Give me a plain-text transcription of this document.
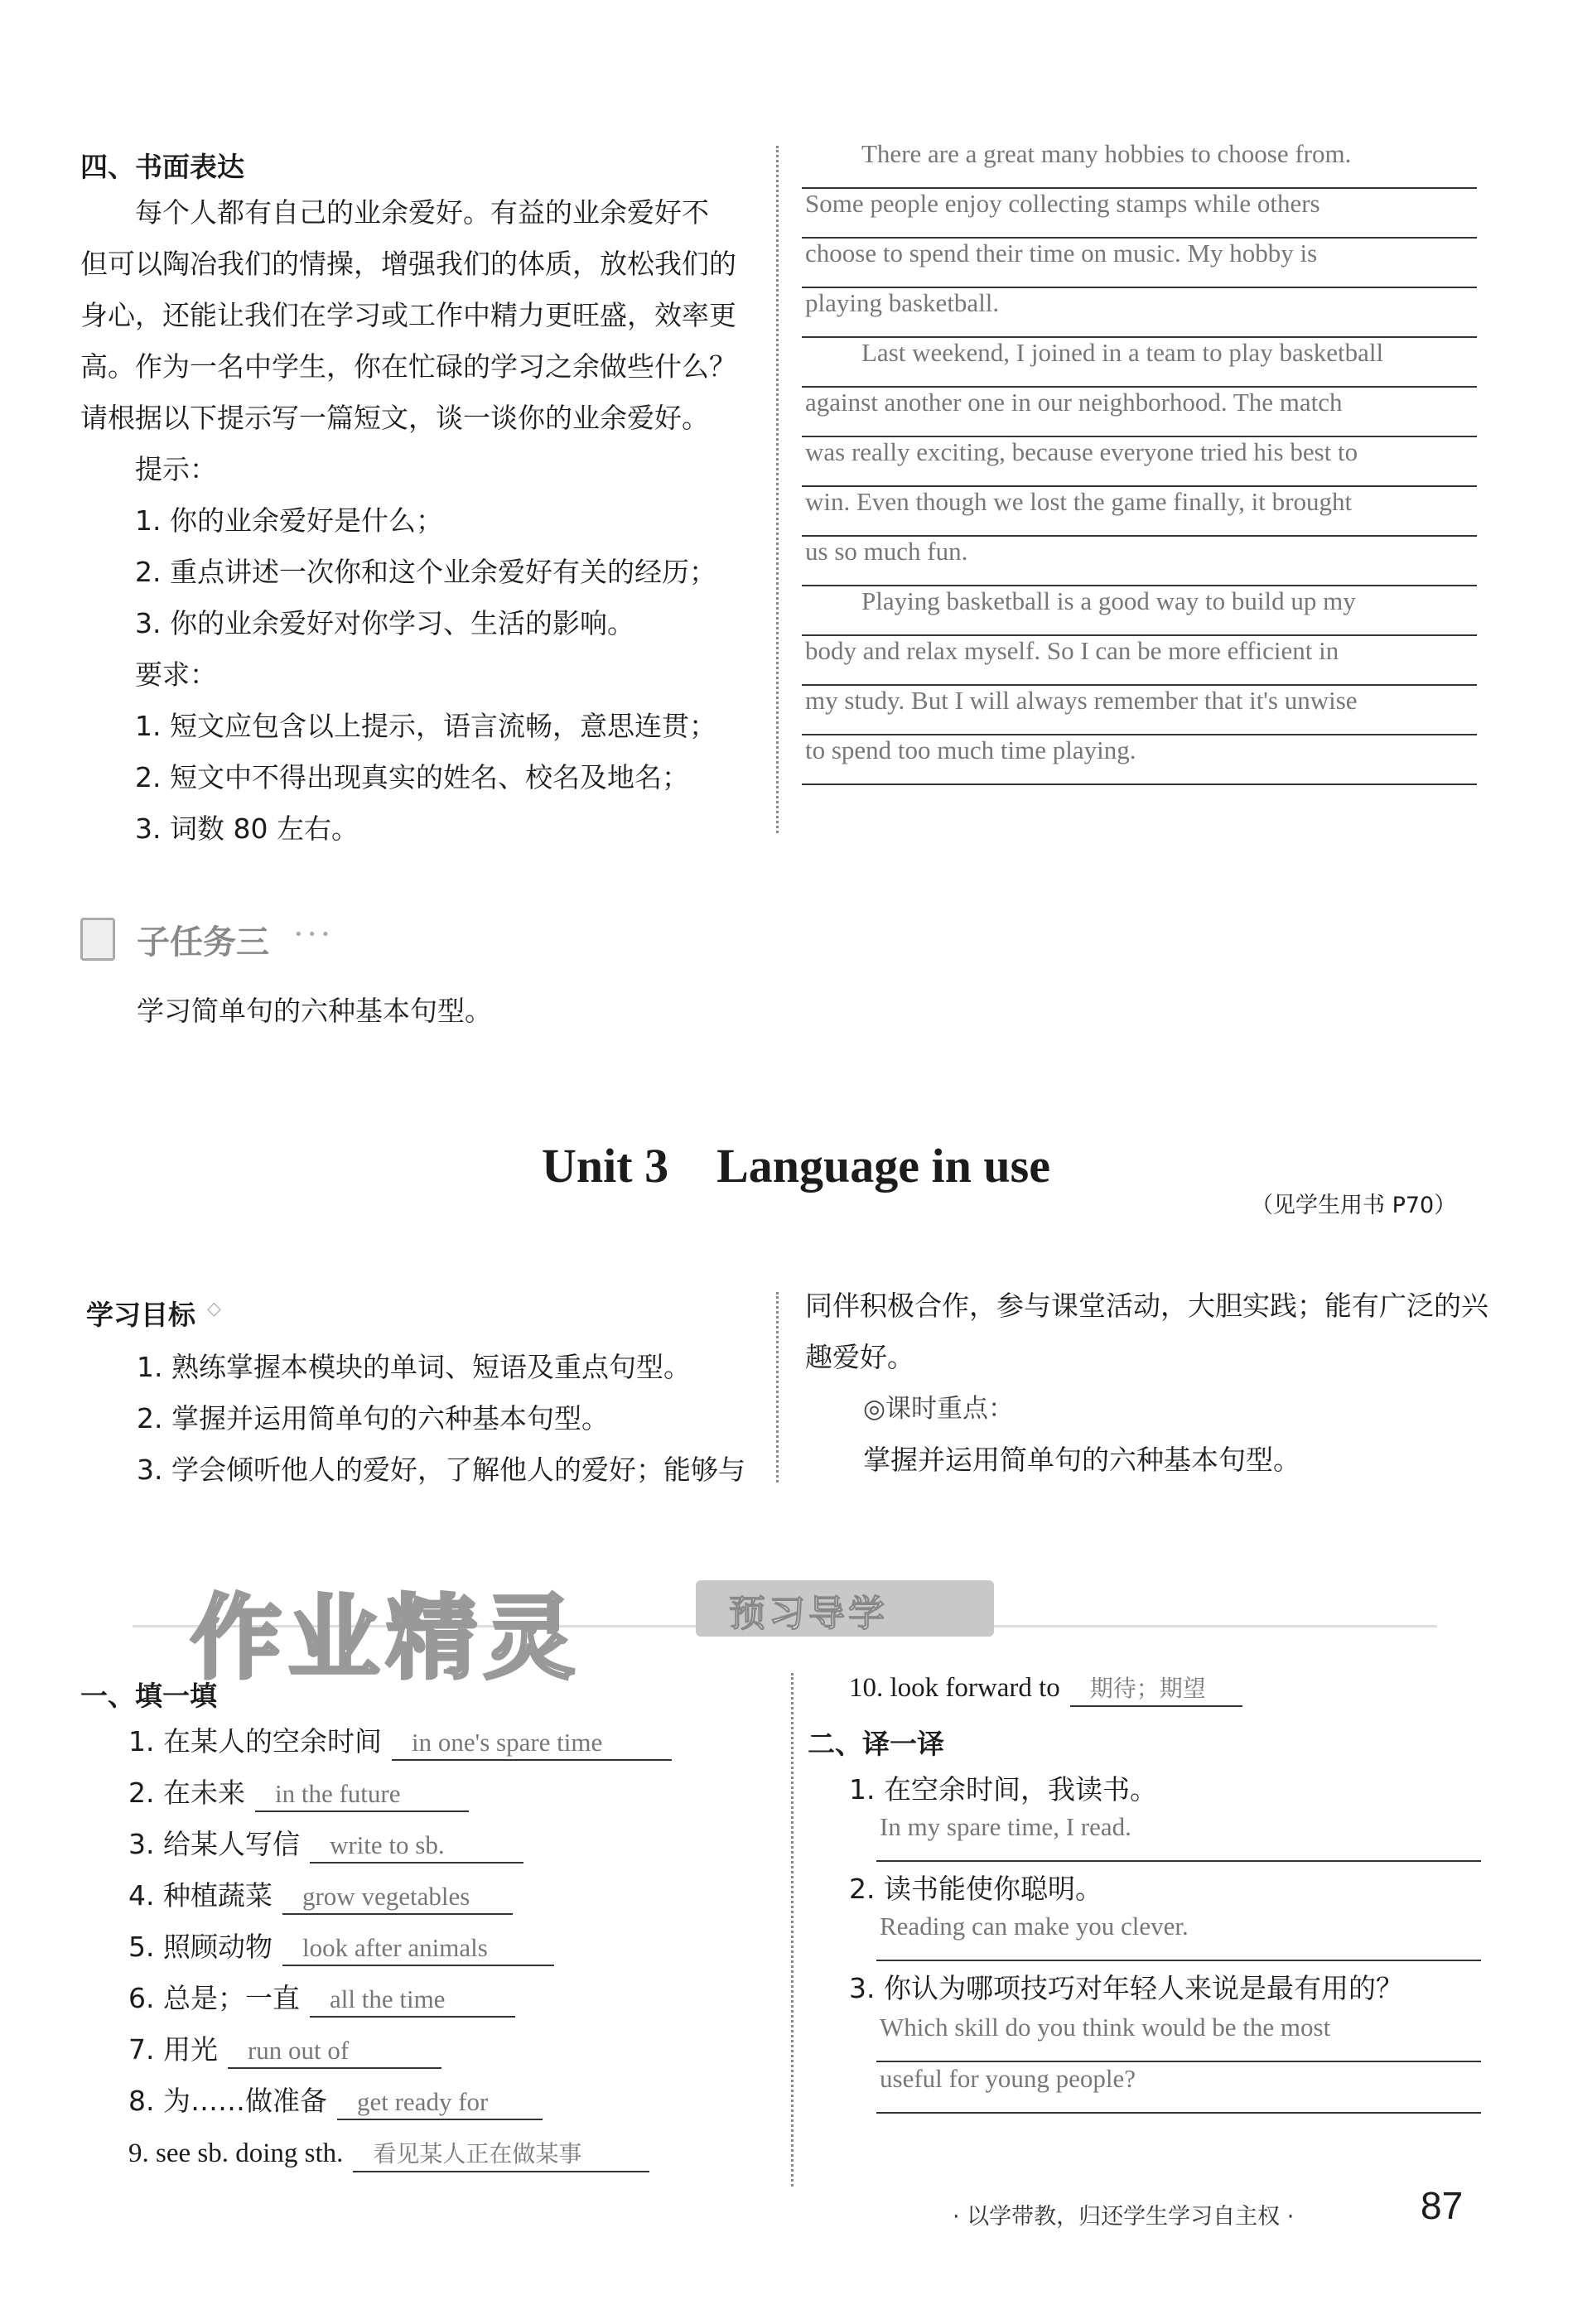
四、书面表达
每个人都有自己的业余爱好。有益的业余爱好不
但可以陶冶我们的情操，增强我们的体质，放松我们的
身心，还能让我们在学习或工作中精力更旺盛，效率更
高。作为一名中学生，你在忙碌的学习之余做些什么？
请根据以下提示写一篇短文，谈一谈你的业余爱好。
提示：
1. 你的业余爱好是什么；
2. 重点讲述一次你和这个业余爱好有关的经历；
3. 你的业余爱好对你学习、生活的影响。
要求：
1. 短文应包含以上提示，语言流畅，意思连贯；
2. 短文中不得出现真实的姓名、校名及地名；
3. 词数 80 左右。
There are a great many hobbies to choose from.
Some people enjoy collecting stamps while others
choose to spend their time on music. My hobby is
playing basketball.
Last weekend, I joined in a team to play basketball
against another one in our neighborhood. The match
was really exciting, because everyone tried his best to
win. Even though we lost the game finally, it brought
us so much fun.
Playing basketball is a good way to build up my
body and relax myself. So I can be more efficient in
my study. But I will always remember that it's unwise
to spend too much time playing.
子任务三 • • •
学习简单句的六种基本句型。
Unit 3　Language in use
（见学生用书 P70）
学习目标 ◇
1. 熟练掌握本模块的单词、短语及重点句型。
2. 掌握并运用简单句的六种基本句型。
3. 学会倾听他人的爱好，了解他人的爱好；能够与
同伴积极合作，参与课堂活动，大胆实践；能有广泛的兴
趣爱好。
◎课时重点：
掌握并运用简单句的六种基本句型。
作业精灵	预习导学
一、填一填
1. 在某人的空余时间 in one's spare time
2. 在未来 in the future
3. 给某人写信 write to sb.
4. 种植蔬菜 grow vegetables
5. 照顾动物 look after animals
6. 总是；一直 all the time
7. 用光 run out of
8. 为……做准备 get ready for
9. see sb. doing sth. 看见某人正在做某事
10. look forward to 期待；期望
二、译一译
1. 在空余时间，我读书。
In my spare time, I read.
2. 读书能使你聪明。
Reading can make you clever.
3. 你认为哪项技巧对年轻人来说是最有用的？
Which skill do you think would be the most
useful for young people?
· 以学带教，归还学生学习自主权 ·	87
